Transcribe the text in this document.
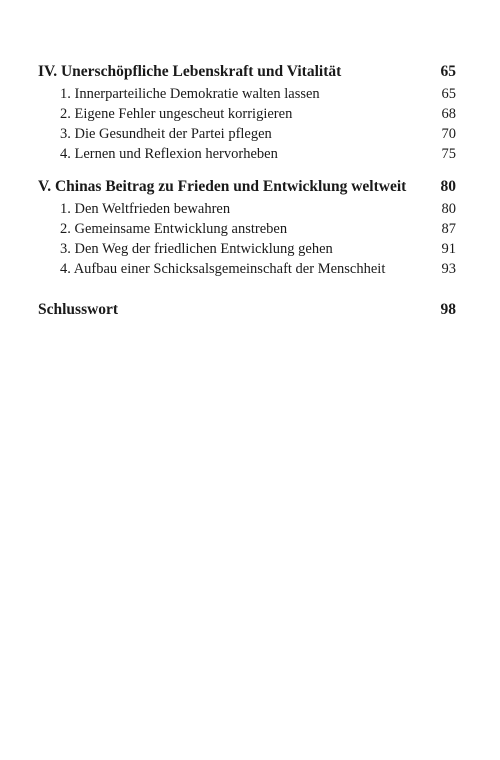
IV. Unerschöpfliche Lebenskraft und Vitalität	65
1. Innerparteiliche Demokratie walten lassen	65
2. Eigene Fehler ungescheut korrigieren	68
3. Die Gesundheit der Partei pflegen	70
4. Lernen und Reflexion hervorheben	75
V. Chinas Beitrag zu Frieden und Entwicklung weltweit 80
1. Den Weltfrieden bewahren	80
2. Gemeinsame Entwicklung anstreben	87
3. Den Weg der friedlichen Entwicklung gehen	91
4. Aufbau einer Schicksalsgemeinschaft der Menschheit	93
Schlusswort	98
